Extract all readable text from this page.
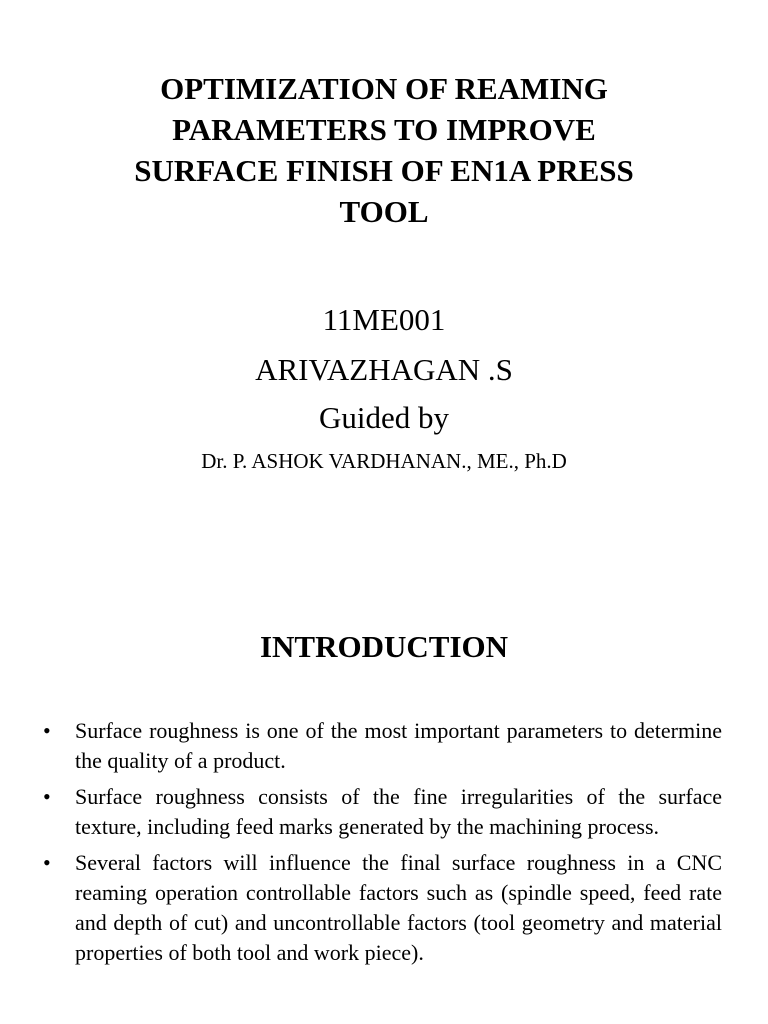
OPTIMIZATION OF REAMING
PARAMETERS TO IMPROVE
SURFACE FINISH OF EN1A PRESS
TOOL
11ME001
ARIVAZHAGAN .S
Guided by
Dr. P. ASHOK VARDHANAN., ME., Ph.D
INTRODUCTION
• Surface roughness is one of the most important parameters to determine the quality of a product.
• Surface roughness consists of the fine irregularities of the surface texture, including feed marks generated by the machining process.
• Several factors will influence the final surface roughness in a CNC reaming operation controllable factors such as (spindle speed, feed rate and depth of cut) and uncontrollable factors (tool geometry and material properties of both tool and work piece).
